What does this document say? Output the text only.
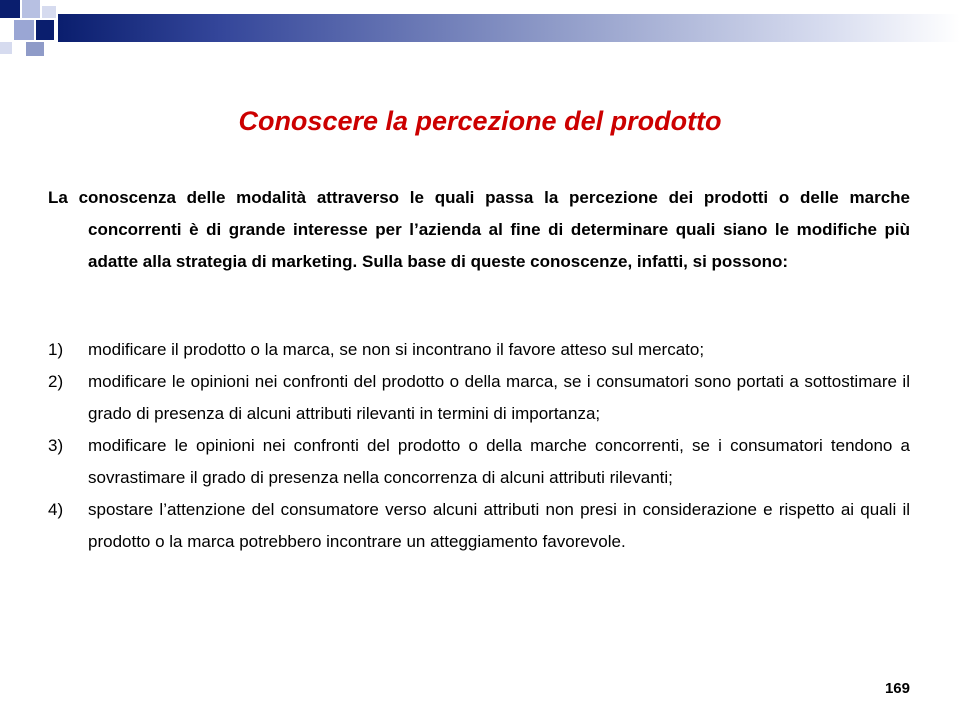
Conoscere la percezione del prodotto

La conoscenza delle modalità attraverso le quali passa la percezione dei prodotti o delle marche concorrenti è di grande interesse per l’azienda al fine di determinare quali siano le modifiche più adatte alla strategia di marketing. Sulla base di queste conoscenze, infatti, si possono:

1) modificare il prodotto o la marca, se non si incontrano il favore atteso sul mercato;
2) modificare le opinioni nei confronti del prodotto o della marca, se i consumatori sono portati a sottostimare il grado di presenza di alcuni attributi rilevanti in termini di importanza;
3) modificare le opinioni nei confronti del prodotto o della marche concorrenti, se i consumatori tendono a sovrastimare il grado di presenza nella concorrenza di alcuni attributi rilevanti;
4) spostare l’attenzione del consumatore verso alcuni attributi non presi in considerazione e rispetto ai quali il prodotto o la marca potrebbero incontrare un atteggiamento favorevole.
169
